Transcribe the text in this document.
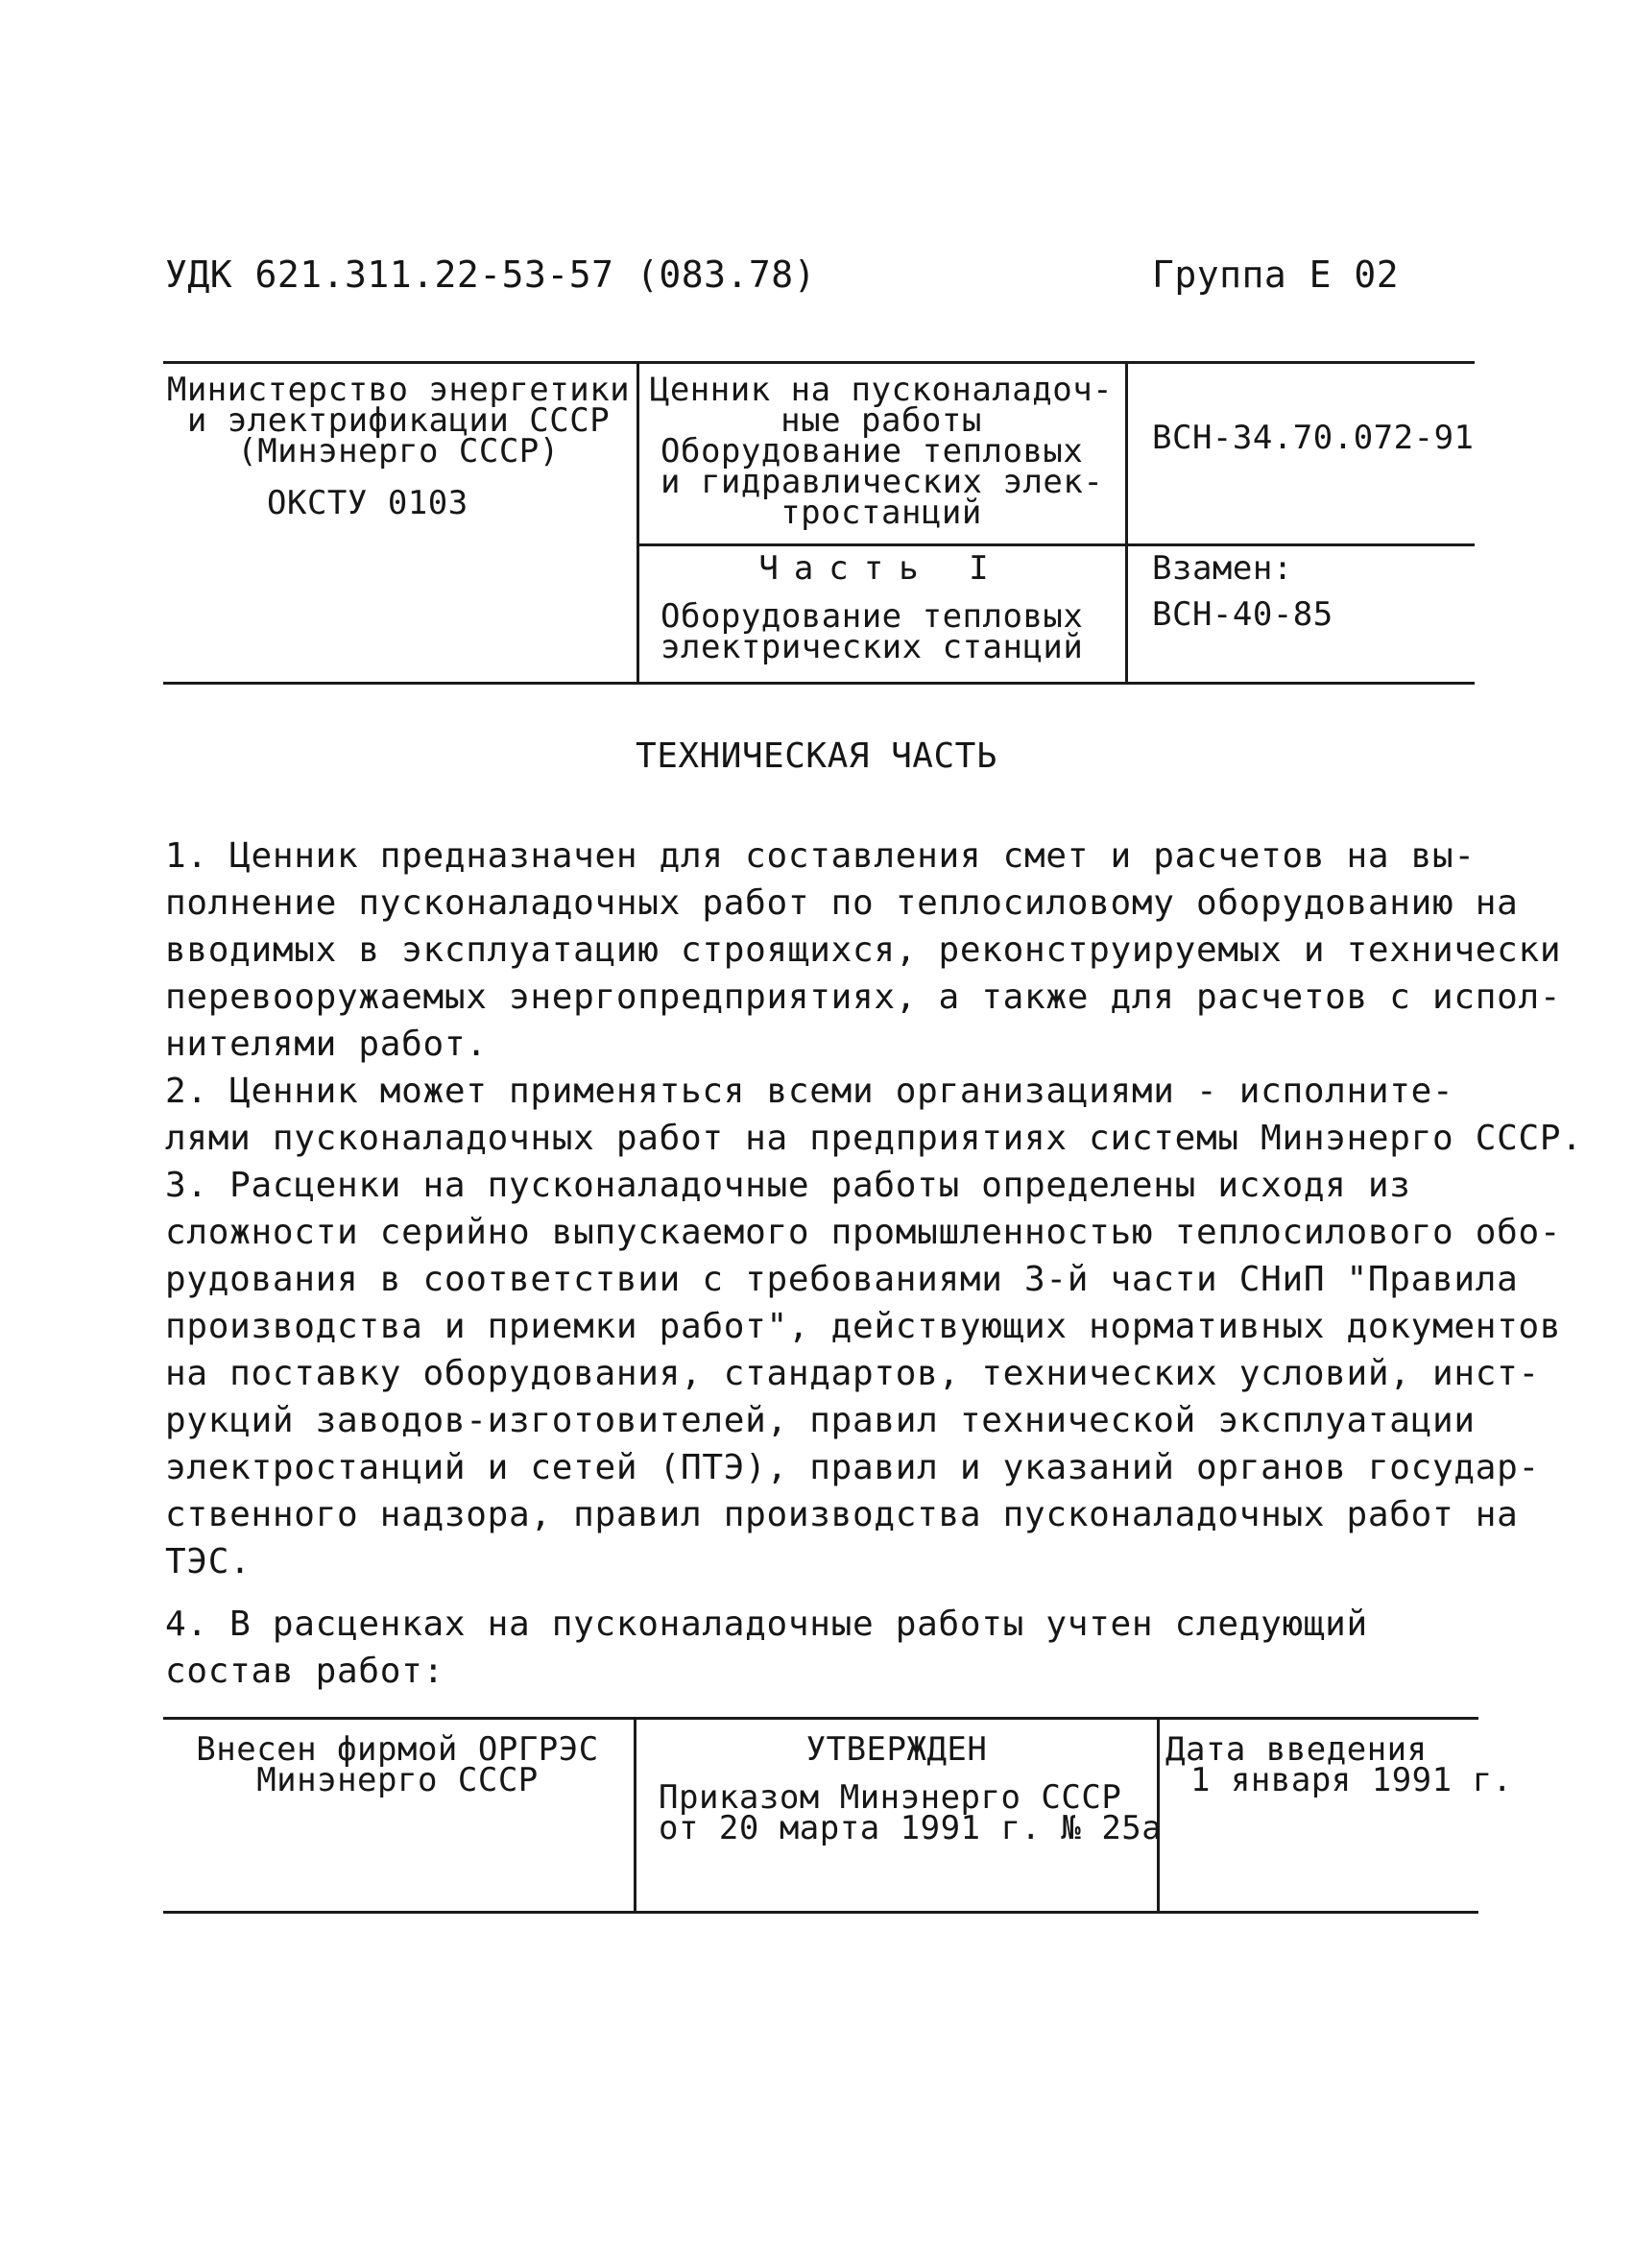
УДК 621.311.22-53-57 (083.78)	Группа Е 02
Министерство энергетики
и электрификации СССР
(Минэнерго СССР)
ОКСТУ 0103
Ценник на пусконаладоч-
ные работы
Оборудование тепловых
и гидравлических элек-
тростанций
ВСН-34.70.072-91
Часть I
Оборудование тепловых
электрических станций
Взамен:
ВСН-40-85
ТЕХНИЧЕСКАЯ ЧАСТЬ
1. Ценник предназначен для составления смет и расчетов на вы-
полнение пусконаладочных работ по теплосиловому оборудованию на
вводимых в эксплуатацию строящихся, реконструируемых и технически
перевооружаемых энергопредприятиях, а также для расчетов с испол-
нителями работ.
2. Ценник может применяться всеми организациями - исполните-
лями пусконаладочных работ на предприятиях системы Минэнерго СССР.
3. Расценки на пусконаладочные работы определены исходя из
сложности серийно выпускаемого промышленностью теплосилового обо-
рудования в соответствии с требованиями 3-й части СНиП "Правила
производства и приемки работ", действующих нормативных документов
на поставку оборудования, стандартов, технических условий, инст-
рукций заводов-изготовителей, правил технической эксплуатации
электростанций и сетей (ПТЭ), правил и указаний органов государ-
ственного надзора, правил производства пусконаладочных работ на
ТЭС.
4. В расценках на пусконаладочные работы учтен следующий
состав работ:
Внесен фирмой ОРГРЭС
Минэнерго СССР
УТВЕРЖДЕН
Приказом Минэнерго СССР
от 20 марта 1991 г. № 25а
Дата введения
1 января 1991 г.
